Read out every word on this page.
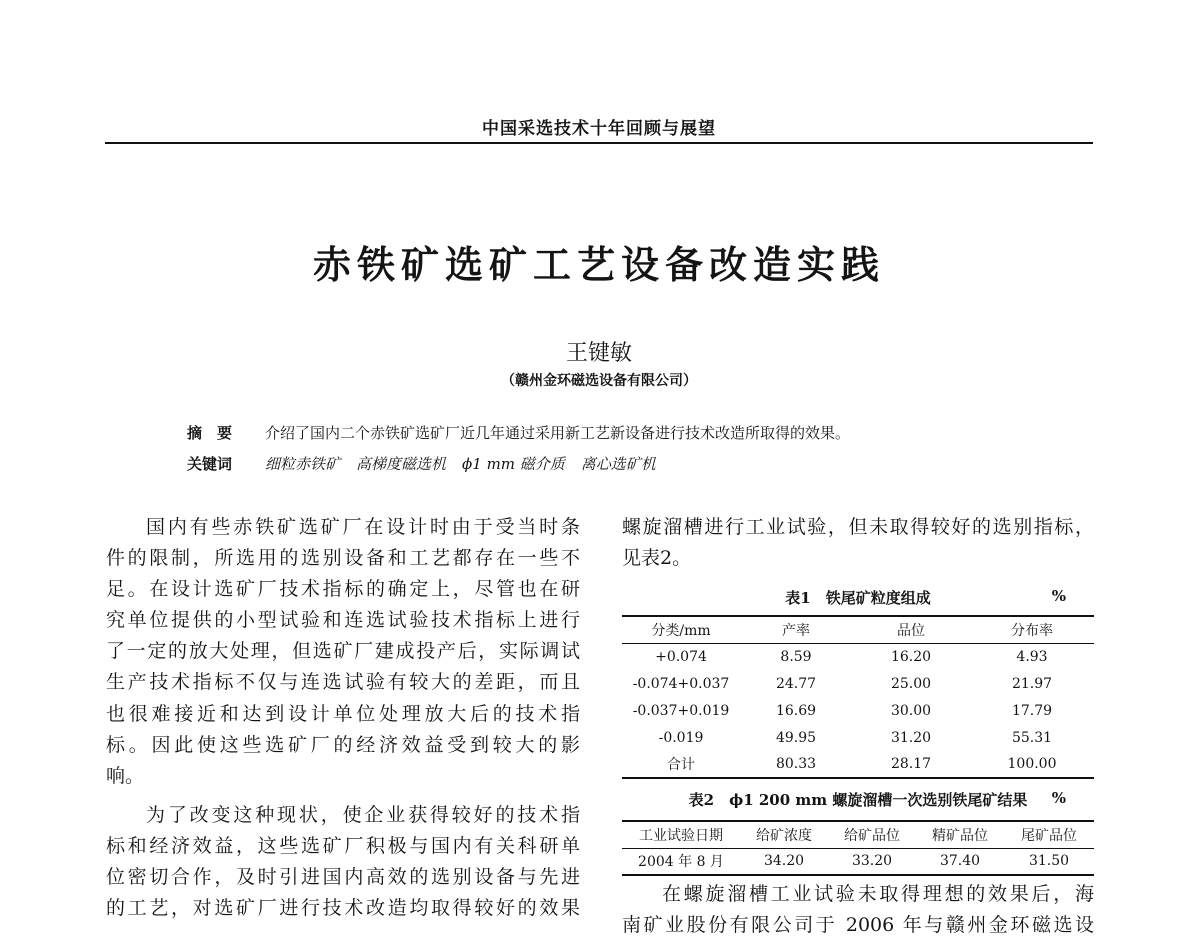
中国采选技术十年回顾与展望
赤铁矿选矿工艺设备改造实践
王键敏
（赣州金环磁选设备有限公司）
摘　要 介绍了国内二个赤铁矿选矿厂近几年通过采用新工艺新设备进行技术改造所取得的效果。
关键词 细粒赤铁矿 高梯度磁选机 ϕ1 mm 磁介质 离心选矿机

国内有些赤铁矿选矿厂在设计时由于受当时条

件的限制，所选用的选别设备和工艺都存在一些不

足。在设计选矿厂技术指标的确定上，尽管也在研

究单位提供的小型试验和连选试验技术指标上进行

了一定的放大处理，但选矿厂建成投产后，实际调试

生产技术指标不仅与连选试验有较大的差距，而且

也很难接近和达到设计单位处理放大后的技术指

标。因此使这些选矿厂的经济效益受到较大的影

响。

为了改变这种现状，使企业获得较好的技术指

标和经济效益，这些选矿厂积极与国内有关科研单

位密切合作，及时引进国内高效的选别设备与先进

的工艺，对选矿厂进行技术改造均取得较好的效果

螺旋溜槽进行工业试验，但未取得较好的选别指标，

见表2。

表1　铁尾矿粒度组成	%
分类/mm	产率	品位	分布率
+0.074	8.59	16.20	4.93
-0.074+0.037	24.77	25.00	21.97
-0.037+0.019	16.69	30.00	17.79
-0.019	49.95	31.20	55.31
合计	80.33	28.17	100.00
表2　ϕ1 200 mm 螺旋溜槽一次选别铁尾矿结果	%
工业试验日期	给矿浓度	给矿品位	精矿品位	尾矿品位
2004 年 8 月	34.20	33.20	37.40	31.50

在螺旋溜槽工业试验未取得理想的效果后，海

南矿业股份有限公司于 2006 年与赣州金环磁选设
